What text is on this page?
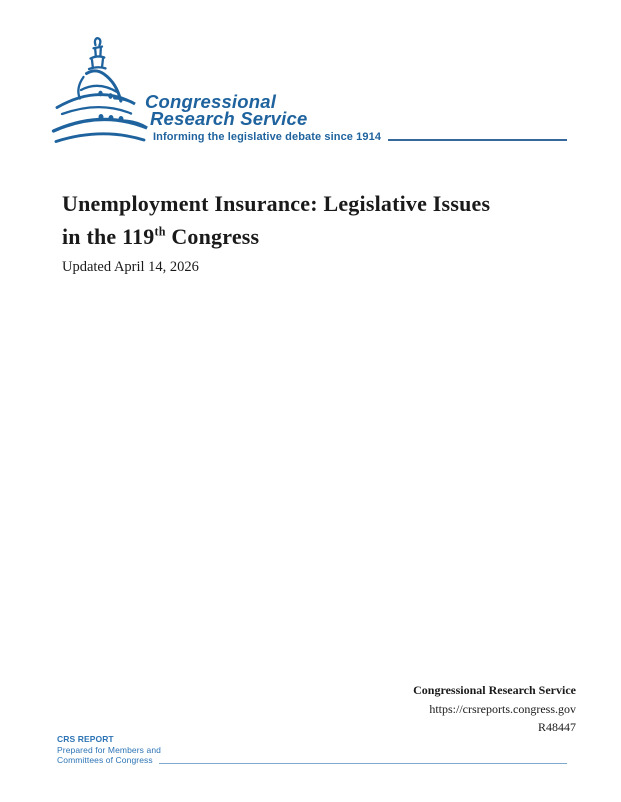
Congressional
Research Service
Informing the legislative debate since 1914
Unemployment Insurance: Legislative Issues
in the 119th Congress
Updated April 14, 2026
Congressional Research Service
https://crsreports.congress.gov
R48447
CRS REPORT
Prepared for Members and
Committees of Congress
